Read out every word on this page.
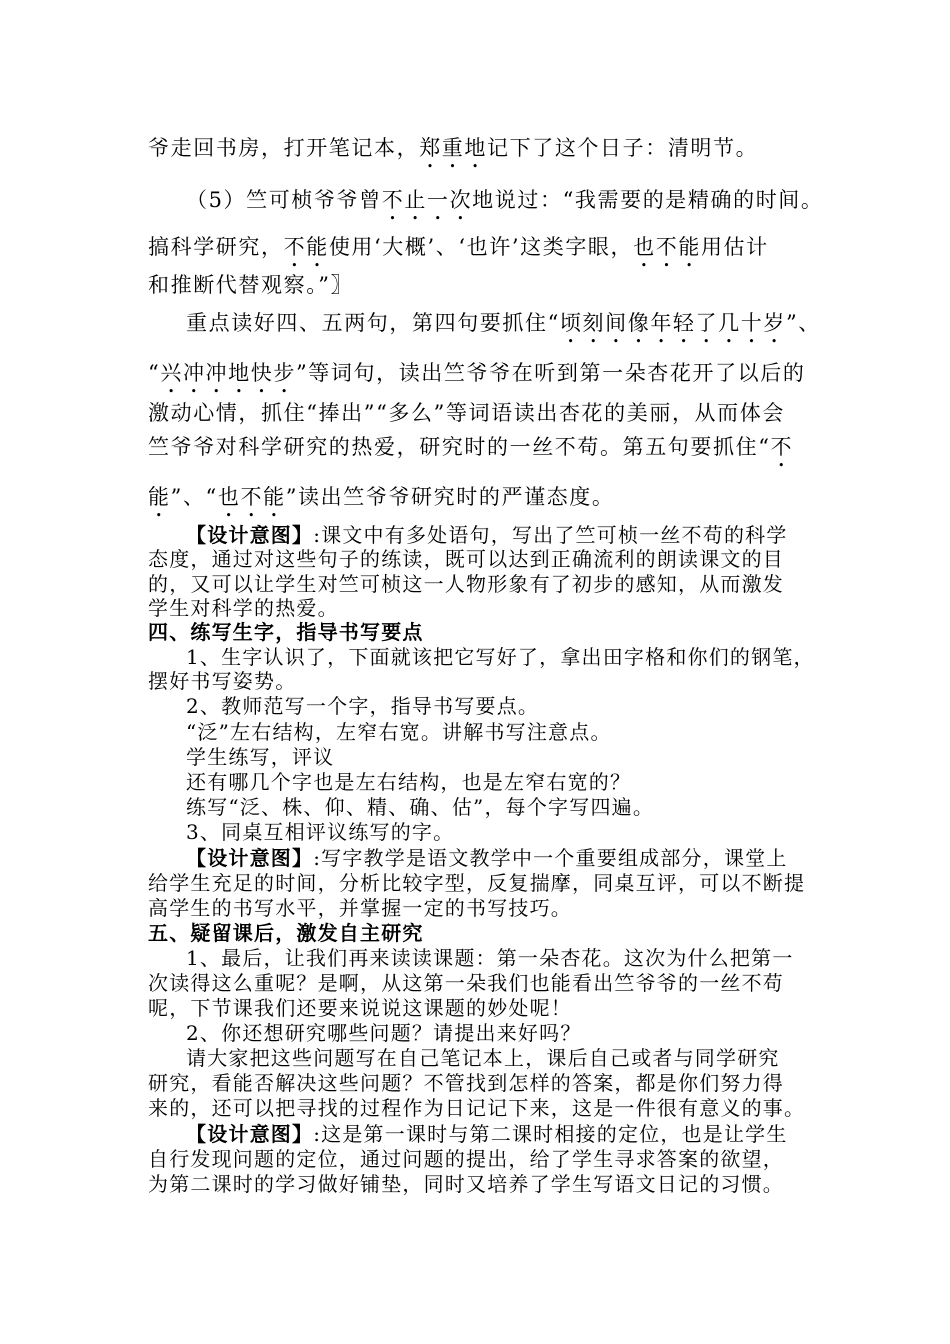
爷走回书房，打开笔记本，郑重地记下了这个日子：清明节。
（5）竺可桢爷爷曾不止一次地说过：“我需要的是精确的时间。
搞科学研究，不能使用‘大概’、‘也许’这类字眼，也不能用估计
和推断代替观察。”〗
重点读好四、五两句，第四句要抓住“顷刻间像年轻了几十岁”、
“兴冲冲地快步”等词句，读出竺爷爷在听到第一朵杏花开了以后的
激动心情，抓住“捧出”“多么”等词语读出杏花的美丽，从而体会
竺爷爷对科学研究的热爱，研究时的一丝不苟。第五句要抓住“不
能”、“也不能”读出竺爷爷研究时的严谨态度。
【设计意图】:课文中有多处语句，写出了竺可桢一丝不苟的科学
态度，通过对这些句子的练读，既可以达到正确流利的朗读课文的目
的，又可以让学生对竺可桢这一人物形象有了初步的感知，从而激发
学生对科学的热爱。
四、练写生字，指导书写要点
1、生字认识了，下面就该把它写好了，拿出田字格和你们的钢笔，
摆好书写姿势。
2、教师范写一个字，指导书写要点。
“泛”左右结构，左窄右宽。讲解书写注意点。
学生练写，评议
还有哪几个字也是左右结构，也是左窄右宽的？
练写“泛、株、仰、精、确、估”，每个字写四遍。
3、同桌互相评议练写的字。
【设计意图】:写字教学是语文教学中一个重要组成部分，课堂上
给学生充足的时间，分析比较字型，反复揣摩，同桌互评，可以不断提
高学生的书写水平，并掌握一定的书写技巧。
五、疑留课后，激发自主研究
1、最后，让我们再来读读课题：第一朵杏花。这次为什么把第一
次读得这么重呢？是啊，从这第一朵我们也能看出竺爷爷的一丝不苟
呢，下节课我们还要来说说这课题的妙处呢！
2、你还想研究哪些问题？请提出来好吗？
请大家把这些问题写在自己笔记本上，课后自己或者与同学研究
研究，看能否解决这些问题？不管找到怎样的答案，都是你们努力得
来的，还可以把寻找的过程作为日记记下来，这是一件很有意义的事。
【设计意图】:这是第一课时与第二课时相接的定位，也是让学生
自行发现问题的定位，通过问题的提出，给了学生寻求答案的欲望，
为第二课时的学习做好铺垫，同时又培养了学生写语文日记的习惯。
